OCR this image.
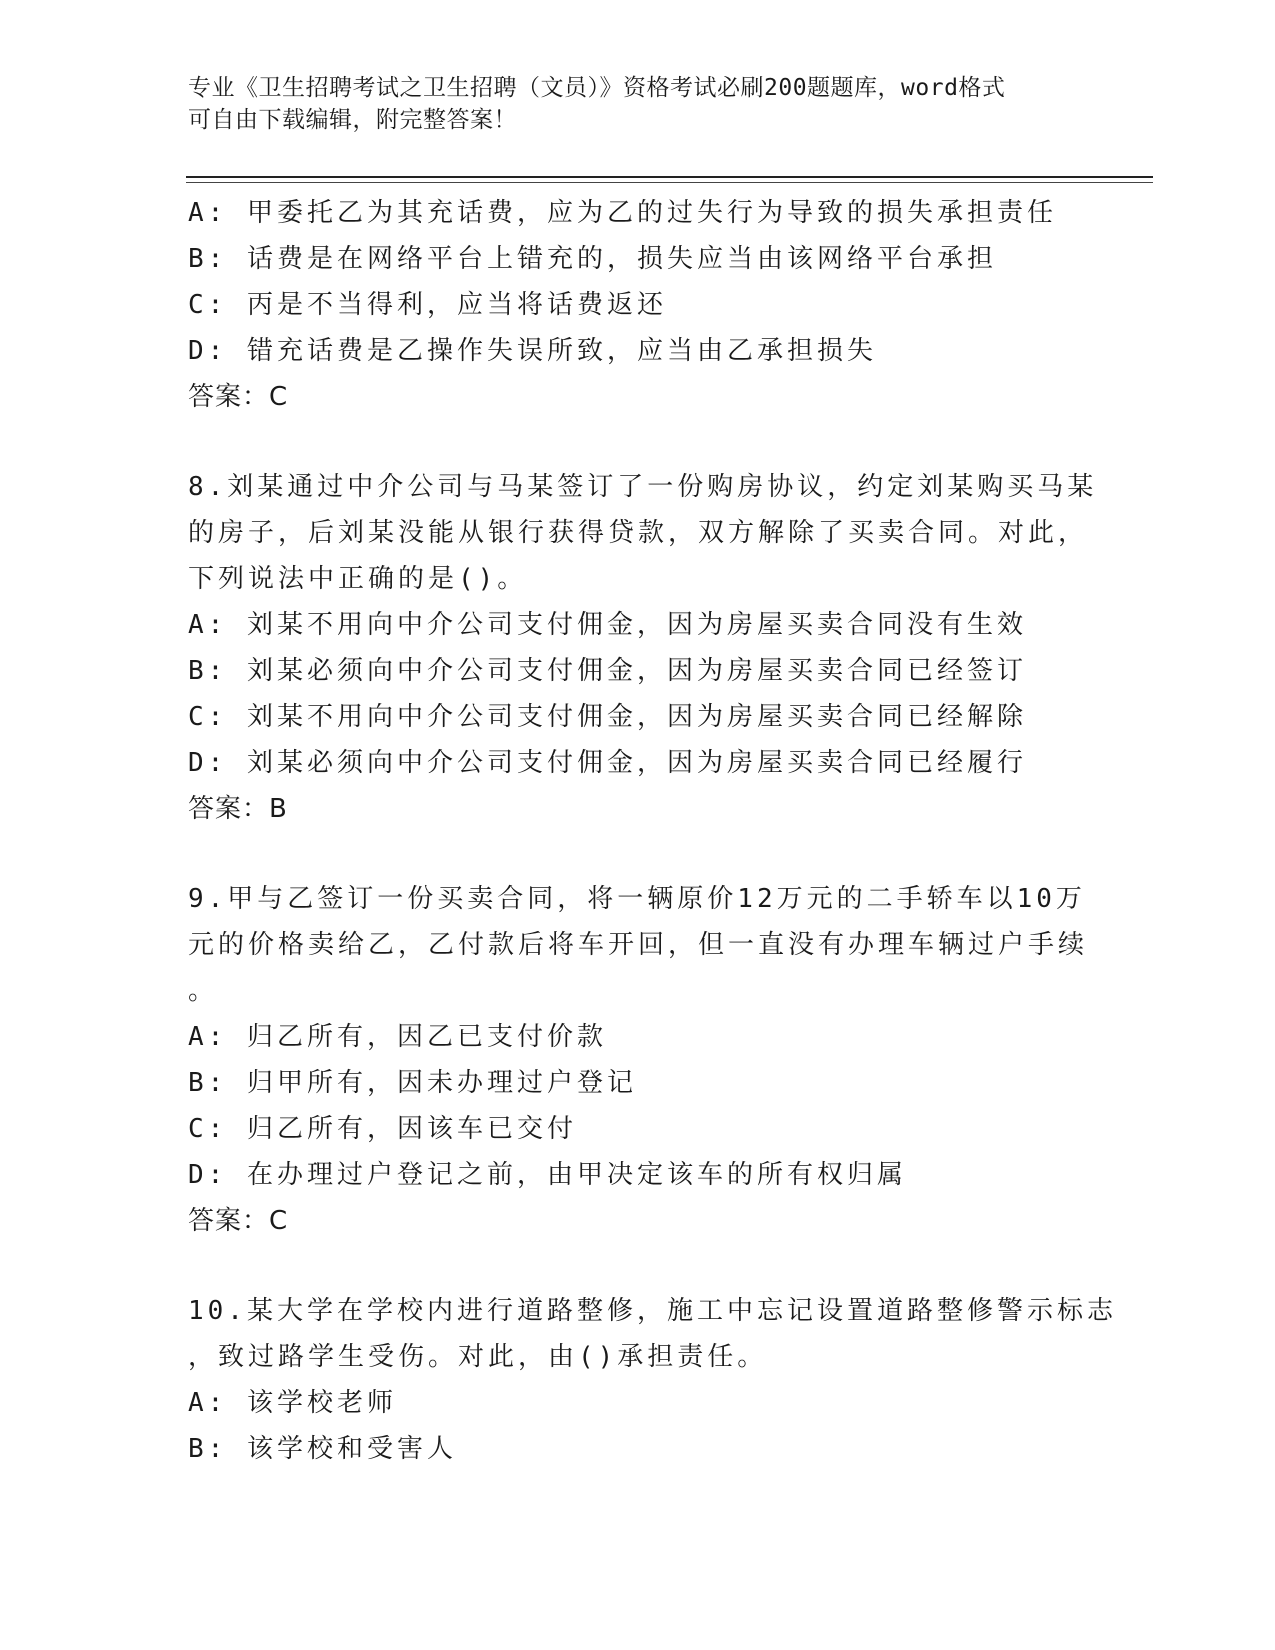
专业《卫生招聘考试之卫生招聘（文员）》资格考试必刷200题题库，word格式
可自由下载编辑，附完整答案！
A: 甲委托乙为其充话费，应为乙的过失行为导致的损失承担责任
B: 话费是在网络平台上错充的，损失应当由该网络平台承担
C: 丙是不当得利，应当将话费返还
D: 错充话费是乙操作失误所致，应当由乙承担损失
答案：C
8.刘某通过中介公司与马某签订了一份购房协议，约定刘某购买马某
的房子，后刘某没能从银行获得贷款，双方解除了买卖合同。对此，
下列说法中正确的是()。
A: 刘某不用向中介公司支付佣金，因为房屋买卖合同没有生效
B: 刘某必须向中介公司支付佣金，因为房屋买卖合同已经签订
C: 刘某不用向中介公司支付佣金，因为房屋买卖合同已经解除
D: 刘某必须向中介公司支付佣金，因为房屋买卖合同已经履行
答案：B
9.甲与乙签订一份买卖合同，将一辆原价12万元的二手轿车以10万
元的价格卖给乙，乙付款后将车开回，但一直没有办理车辆过户手续
。
A: 归乙所有，因乙已支付价款
B: 归甲所有，因未办理过户登记
C: 归乙所有，因该车已交付
D: 在办理过户登记之前，由甲决定该车的所有权归属
答案：C
10.某大学在学校内进行道路整修，施工中忘记设置道路整修警示标志
，致过路学生受伤。对此，由()承担责任。
A: 该学校老师
B: 该学校和受害人
